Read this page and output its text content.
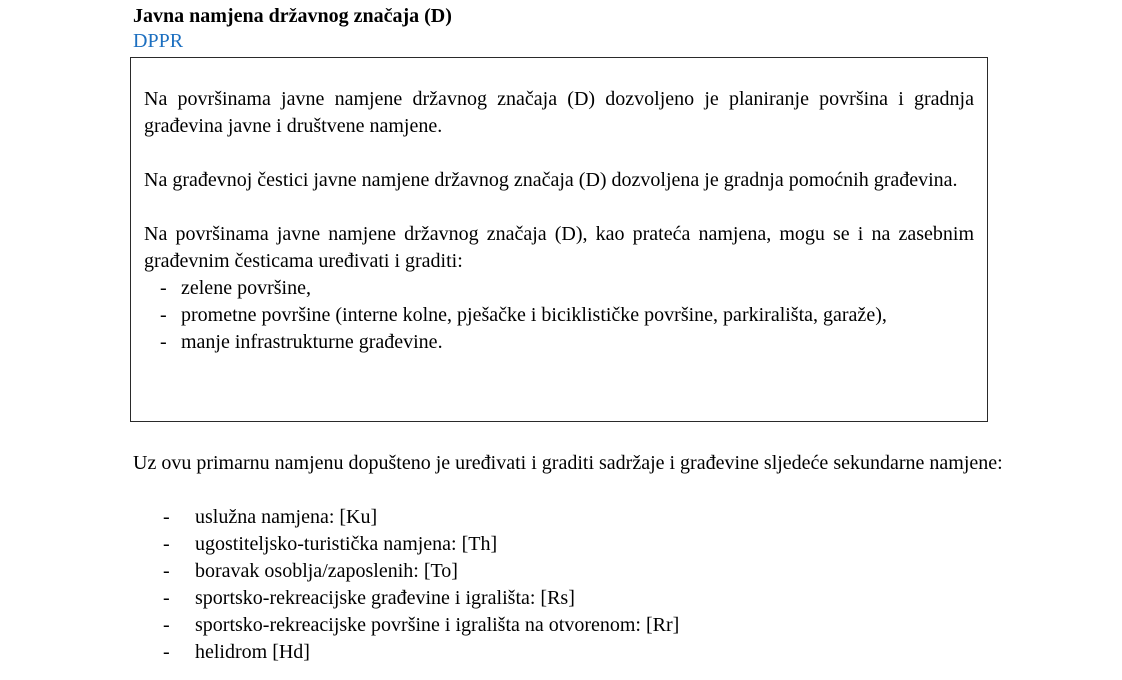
Javna namjena državnog značaja (D)
DPPR

Na površinama javne namjene državnog značaja (D) dozvoljeno je planiranje površina i gradnja građevina javne i društvene namjene.

Na građevnoj čestici javne namjene državnog značaja (D) dozvoljena je gradnja pomoćnih građevina.

Na površinama javne namjene državnog značaja (D), kao prateća namjena, mogu se i na zasebnim građevnim česticama uređivati i graditi:

- zelene površine,
- prometne površine (interne kolne, pješačke i biciklističke površine, parkirališta, garaže),
- manje infrastrukturne građevine.
Uz ovu primarnu namjenu dopušteno je uređivati i graditi sadržaje i građevine sljedeće sekundarne namjene:
- uslužna namjena: [Ku]
- ugostiteljsko-turistička namjena: [Th]
- boravak osoblja/zaposlenih: [To]
- sportsko-rekreacijske građevine i igrališta: [Rs]
- sportsko-rekreacijske površine i igrališta na otvorenom: [Rr]
- helidrom [Hd]
